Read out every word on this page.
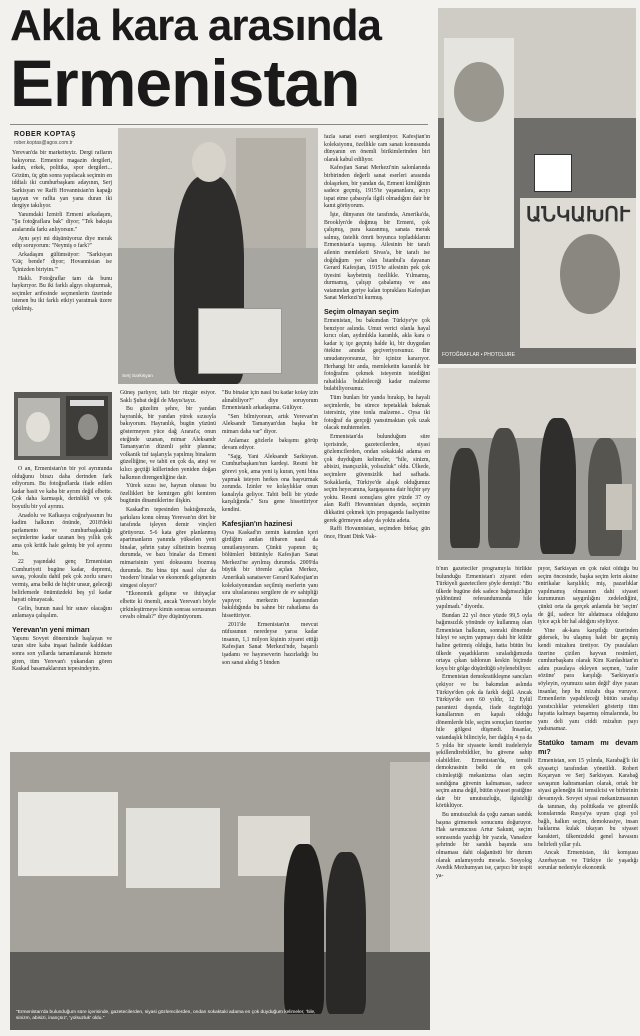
Akla kara arasında
Ermenistan
ROBER KOPTAŞ
rober.koptas@agos.com.tr

Yerevan'da bir marketteyiz. Dergi rafların bakıyoruz. Ermenice magazin dergileri, kadın, erkek, politika, spor dergileri... Gözüm, üç gün sonra yapılacak seçimin en iddialı iki cumhurbaşkanı adayının, Serj Sarkisyan ve Raffi Hovannisian'ın kapağı taşıyan ve raflta yan yana duran iki dergiye takılıyor.

Yanımdaki İzmirli Ermeni arkadaşım, "Şu fotoğraflara bak" diyor; "Tek bakışta aralarında farkı anlıyorsun."

Aynı şeyi mi düşünüyoruz diye merak edip soruyorum: "Neymiş o fark?"

Arkadaşım gülümsüyor: "Sarkisyan 'Güç bende!' diyor; Hovannisian ise 'İçinizden biriyim.'"

Haklı. Fotoğraflar tam da bunu haykırıyor. Bu iki farklı algıyı oluşturmak, seçimler arifesinde seçmenlerin üzerinde istenen bu iki farklı etkiyi yaratmak üzere çekilmiş.

O an, Ermenistan'ın bir yol ayrımında olduğunu birazı daha derinden fark ediyorum. Bu fotoğraflarda ifade edilen kadar basit ve kaba bir ayrım değil elbette. Çok daha karmaşık, derinlikli ve çok boyutlu bir yol ayrımı.

Anadolu ve Kafkasya coğrafyasının bu kadim halkının önünde, 2018'deki parlamento ve cumhurbaşkanlığı seçimlerine kadar uzanan beş yıllık çok ama çok kritik hale gelmiş bir yol ayrımı bu.

22 yaşındaki genç Ermenistan Cumhuriyeti bugüne kadar, depremi, savaş, yoksulu dahil pek çok zorlu sınavı vermiş, ama belki de hiçbir unsur, geleceği belirlemede önümüzdeki beş yıl kadar hayati olmayacak.

Gelin, bunun nasıl bir sınav olacağını anlamaya çalışalım.

Yerevan'ın yeni mimarı

Yapımı Sovyet döneminde başlayan ve uzun süre kaba inşaat halinde kaldıktan sonra son yıllarda tamamlanarak hizmete giren, tüm Yerevan'ı yukarıdan gören Kaskad basamaklarının tepesindeyim.

Serj Sarkisyan

Güneş parlıyor, tatlı bir rüzgâr esiyor. Saklı Şubat değil de Mayıs'tayız.

Bu güzelim şehre, bir yandan hayranlık, bir yandan yürek sızısıyla bakıyorum. Hayranlık, bugün yüzünü göstermeyen yüce dağ Ararat'a; onun eteğinde uzanan, mimar Aleksandr Tamanyan'ın düzenli şehir planına; volkanik tuf taşlarıyla yapılmış binaların güzelliğine, ve tabii en çok da, ateşi ve kılıcı geçtiği küllerinden yeniden doğan halkımın direngenliğine dair.

Yürek sızısı ise, hayran olunası bu özellikleri bir kemirgen gibi kemiren bugünün dinamiklerine ilişkin.

Kaskad'ın tepesinden baktığımızda, şarkılara konu olmuş Yerevan'ın dört bir tarafında işleyen demir vinçleri görüyoruz. 5-6 kata göre planlanmış apartmanların yanında yükselen yeni binalar, şehrin yatay silüetinin bozmuş durumda, ve bazı binalar da Ermeni mimarisinin yeni dokusunu bozmuş durumda. Bu bina tipi nasıl olur da 'modern' binalar ve ekonomik gelişmenin simgesi oluyor?

"Ekonomik gelişme ve ihtiyaçlar elbette ki önemli, ancak Yerevan'ı böyle çirkinleştirmeye kimin sonrası sorusunun cevabı olmalı?" diye düşünüyorum.

"Bu binalar için nasıl bu kadar kolay izin alınabiliyor?" diye soruyorum Ermenistanlı arkadaşıma. Gülüyor.

"Sen bilmiyorsun, artık Yerevan'ın Aleksandr Tamanyan'dan başka bir mimarı daha var" diyor.

Anlamaz gözlerle bakışımı görüp devam ediyor.

"Sajg. Yani Aleksandr Sarkisyan. Cumhurbaşkanı'nın kardeşi. Resmi bir görevi yok, ama yeni iş kuran, yeni bina yapmak isteyen herkes ona başvurmak zorunda. İzinler ve kolaylıklar onun kanalıyla geliyor. Tabii belli bir yüzde karşılığında." Sıra gene hissettiriyor kendini.

Kafesjian'ın hazinesi

Oysa Kaskad'ın zemin katından içeri girdiğim andan itibaren nasıl da umutlanıyorum. Çünkü yapının üç bölümleri bütünüyle Kafesjian Sanat Merkezi'ne ayrılmış durumda. 2009'da büyük bir törenle açılan Merkez, Amerikalı sanatsever Gerard Kafesjian'ın koleksiyonundan seçilmiş eserlerin yanı sıra uluslararası sergilere de ev sahipliği yapıyor; merkezin kapısından bakıldığında bu sahne bir rahatlama da hissettiriyor.

2011'de Ermenistan'ın mevcut nüfusunun neredeyse yarısı kadar insanın, 1,1 milyon kişinin ziyaret ettiği Kafesjian Sanat Merkezi'nde, başarılı işadamı ve hayırseverin hazırladığı bu son sanat alıdıg 5 binden

fazla sanat eseri sergileniyor. Kafesjian'ın koleksiyonu, özellikle cam sanatı konusunda dünyanın en önemli birikimlerinden biri olarak kabul ediliyor.

Kafesjian Sanat Merkezi'nin salonlarında birbirinden değerli sanat eserleri arasında dolaşırken, bir yandan da, Ermeni kimliğinin sadece geçmiş, 1915'te yaşananlara, acıyı ispat etme çabasıyla ilgili olmadığını dair bir kanıt görüyorum.

İşte, dünyanın öte tarafında, Amerika'da, Brooklyn'de doğmuş bir Ermeni, çok çalışmış, para kazanmış, sanata merak salmış, üstelik ömrü boyunca topladıklarını Ermenistan'a taşımış. Ailesinin bir tarafı ailenin memleketi Sivas'a, bir tarafı ise doğduğum yer olan İstanbul'a dayanan Gerard Kafesjian, 1915'te ailesinin pek çok üyesini kaybetmiş özellikle. Yılmamış, durmamış, çalışıp çabalamış ve ana vatanından geriye kalan topraklara Kafesjian Sanat Merkezi'ni kurmuş.

Seçim olmayan seçim

Ermenistan, bu bakımdan Türkiye'ye çok benziyor aslında. Umut verici olanla hayal kırıcı olan, aydınlıkla karanlık, akla kara o kadar iç içe geçmiş halde ki, bir duygudan ötekine anında geçiveriyorsunuz. Bir umudanıyorsunuz, bir içinize kararıyor. Herhangi bir anda, memleketin karanlık bir fotoğrafını çekmek isteyenin istediğini rahatlıkla bulabileceği kadar malzeme bulabiliyorsunuz.

Tüm bunları bir yanda bırakıp, bu hayali seçimlerde, bu sürece tepetaklak bakmak istersiniz, yine tonla malzeme... Oysa iki fotoğraf da gerçeği yansıtmaktan çok uzak olacak muhtemelen.

Ermenistan'da bulunduğum süre içerisinde, gazetecilerden, siyasi gözlemcilerden, ondan sokaktaki adama en çok duyduğum kelimeler, "hile, sinizm, abisizi, inançsızlık, yolsuzluk" oldu. Ülkede, seçimlere güvensizlik had safhada. Sokaklarda, Türkiye'de alışık olduğumuz seçim heyecanına, kargaşasına dair hiçbir şey yoktu. Resmi sonuçlara göre yüzde 37 oy alan Raffi Hovannisian dışında, seçimin dikkatini çekmek için propaganda faaliyetine gerek görmeyen aday da yoktu adeta.

Raffi Hovannisian, seçimden birkaç gün önce, Hrant Dink Vak-

ԱՆԿԱԽՈՒ
FOTOĞRAFLAR • PHOTOLURE

fı'nın gazeteciler programıyla birlikte bulunduğu Ermenistan'ı ziyaret eden Türkiyeli gazetecilere şöyle demişti: "Bu ülkede bugüne dek sadece bağımsızlığın yıldönümü referandumunda hile yapılmadı." diyordu.

Bundan 22 yıl önce yüzde 99,5 oyla bağımsızlık yönünde oy kullanmış olan Ermenistan halkının, sonraki dönemde hileyi ve seçim yapmayı dahi bir kültür haline getirmiş olduğu, hatta bütün bu ülkede yaşadıklarını sıraladığımızda ortaya çıkan tablonun keskin biçimde koyu bir gölge düşürdüğü söylenebiliyor.

Ermenistan demokratikleşme sancıları çekiyor ve bu bakımdan aslında Türkiye'den çok da farklı değil. Ancak Türkiye'de son 60 yıldır, 12 Eylül parantezi dışında, ifade özgürlüğü kanallarının en kapalı olduğu dönemlerde bile, seçim sonuçları üzerine hile gölgesi düşmedi. İnsanlar, vatandaşlık bilinciyle, her dağılış 4 ya da 5 yılda bir siyasete kendi iradeleriyle şekillendirebildiler, bu güvene sahip olabildiler. Ermenistan'da, temsili demokrasinin belki de en çok cisimleştiği mekanizma olan seçim sandığına güvenin kalmaması, sadece seçim anına değil, bütün siyaset pratiğine dair bir umutsuzluğu, ilgisizliği körüklüyor.

Bu umutsuzluk da çoğu zaman sandık başına girmemek sonucunu doğuruyor. Hak savunucusu Artur Sakunt, seçim sonrasında yazdığı bir yazıda, Vanadzor şehrinde bir sandık başında sıra olmaması dahi olağanüstü bir durum olarak anlamıyordu mesela. Sosyolog Avedik Mezhumyan ise, çarpıcı bir tespit ya-

pıyor, Sarkisyan en çok rakıt olduğu bu seçim öncesinde, başka seçim lerin aksine entrikalar karşılıklı; miş, pazarlıklar yapılmamış olmasının dahi siyaset kurumunun saygınlığını zedelediğini, çünkü orta da gerçek anlamda bir 'seçim' de ğil, sadece bir aldatmaca olduğunu iyice açık bir hal aldığını söylüyor.

Yine ak-kara karşıtlığı üzerinden gidersek, bu ulaşmış halet bir geçmiş kendi mizahını üretiyor. Oy pusulaları üzerine çizilen hayvan resimleri, cumhurbaşkanı olarak Kim Kardashian'ın adını pusulaya ekleyen seçmen, 'zafer sözüne' para karşılığı 'Sarkisyan'a söyleyin, oyumuzu satın değil' diye yazan insanlar, hep bu mizahı dışa vuruyor. Ermenilerin yapabileceği bütün sıradışı yaratıcılıklar yetenekleri gösterip tüm hayatta kalmayı başarmış olmalarında, bu yanı deli yanı ciddi mizahın payı yadsınamaz.

Statüko tamam mı devam mı?

Ermenistan, son 15 yılında, Karabağ'lı iki siyasetçi tarafından yönetildi. Robert Koçaryan ve Serj Sarkisyan. Karabağ savaşının kahramanları olarak, ortak bir siyasi geleneğin iki temsilcisi ve birbirinin devamıydı. Sovyet siyasi mekanizmasının da tanınan, dış politikada ve güvenlik konularında Rusya'ya uyum çizgi yol bağlı, halkın seçim, demokrasiye, insan haklarına kulak tıkayan bu siyaset karakteri, ülkemizdeki genel havasını belirledi yıllar yılı.

Ancak Ermenistan, iki komşusu Azerbaycan ve Türkiye ile yaşadığı sorunlar nedeniyle ekonomik

"Ermenistan'da bulunduğum süre içerisinde, gazetecilerden, siyasi gözlemcilerden, ondan sokaktaki adama en çok duyduğum kelimeler, 'hile, sinizm, abisizi, inançsız', 'yolsuzluk' oldu."
